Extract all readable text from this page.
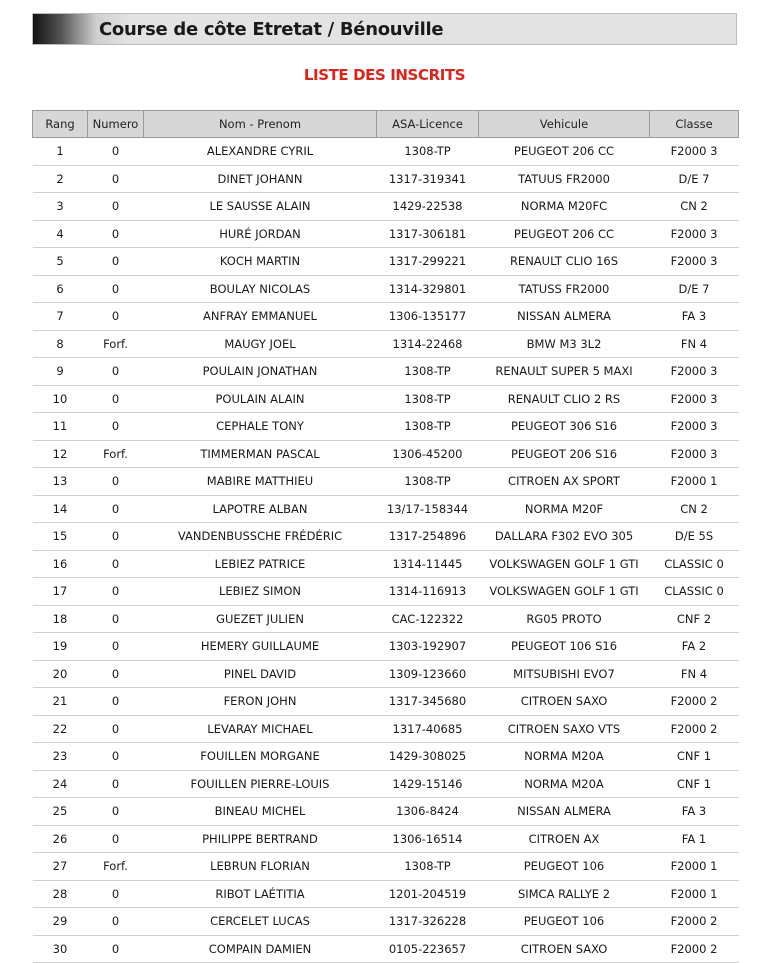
Course de côte Etretat / Bénouville
LISTE DES INSCRITS
Rang	Numero	Nom - Prenom	ASA-Licence	Vehicule	Classe
1	0	ALEXANDRE CYRIL	1308-TP	PEUGEOT 206 CC	F2000 3
2	0	DINET JOHANN	1317-319341	TATUUS FR2000	D/E 7
3	0	LE SAUSSE ALAIN	1429-22538	NORMA M20FC	CN 2
4	0	HURÉ JORDAN	1317-306181	PEUGEOT 206 CC	F2000 3
5	0	KOCH MARTIN	1317-299221	RENAULT CLIO 16S	F2000 3
6	0	BOULAY NICOLAS	1314-329801	TATUSS FR2000	D/E 7
7	0	ANFRAY EMMANUEL	1306-135177	NISSAN ALMERA	FA 3
8	Forf.	MAUGY JOEL	1314-22468	BMW M3 3L2	FN 4
9	0	POULAIN JONATHAN	1308-TP	RENAULT SUPER 5 MAXI	F2000 3
10	0	POULAIN ALAIN	1308-TP	RENAULT CLIO 2 RS	F2000 3
11	0	CEPHALE TONY	1308-TP	PEUGEOT 306 S16	F2000 3
12	Forf.	TIMMERMAN PASCAL	1306-45200	PEUGEOT 206 S16	F2000 3
13	0	MABIRE MATTHIEU	1308-TP	CITROEN AX SPORT	F2000 1
14	0	LAPOTRE ALBAN	13/17-158344	NORMA M20F	CN 2
15	0	VANDENBUSSCHE FRÉDÉRIC	1317-254896	DALLARA F302 EVO 305	D/E 5S
16	0	LEBIEZ PATRICE	1314-11445	VOLKSWAGEN GOLF 1 GTI	CLASSIC 0
17	0	LEBIEZ SIMON	1314-116913	VOLKSWAGEN GOLF 1 GTI	CLASSIC 0
18	0	GUEZET JULIEN	CAC-122322	RG05 PROTO	CNF 2
19	0	HEMERY GUILLAUME	1303-192907	PEUGEOT 106 S16	FA 2
20	0	PINEL DAVID	1309-123660	MITSUBISHI EVO7	FN 4
21	0	FERON JOHN	1317-345680	CITROEN SAXO	F2000 2
22	0	LEVARAY MICHAEL	1317-40685	CITROEN SAXO VTS	F2000 2
23	0	FOUILLEN MORGANE	1429-308025	NORMA M20A	CNF 1
24	0	FOUILLEN PIERRE-LOUIS	1429-15146	NORMA M20A	CNF 1
25	0	BINEAU MICHEL	1306-8424	NISSAN ALMERA	FA 3
26	0	PHILIPPE BERTRAND	1306-16514	CITROEN AX	FA 1
27	Forf.	LEBRUN FLORIAN	1308-TP	PEUGEOT 106	F2000 1
28	0	RIBOT LAÉTITIA	1201-204519	SIMCA RALLYE 2	F2000 1
29	0	CERCELET LUCAS	1317-326228	PEUGEOT 106	F2000 2
30	0	COMPAIN DAMIEN	0105-223657	CITROEN SAXO	F2000 2
